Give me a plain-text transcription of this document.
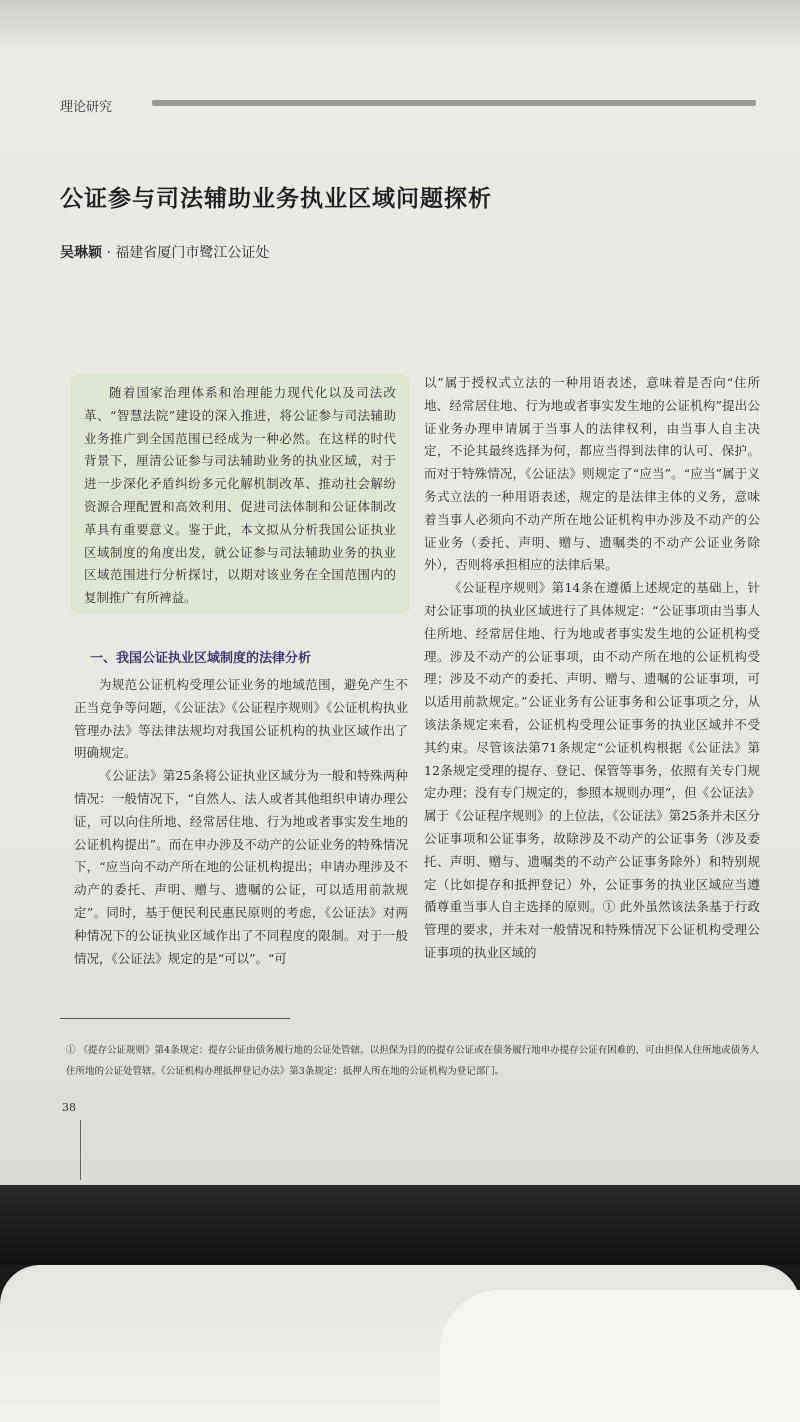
理论研究
公证参与司法辅助业务执业区域问题探析
吴琳颖 · 福建省厦门市鹭江公证处

随着国家治理体系和治理能力现代化以及司法改革、“智慧法院”建设的深入推进，将公证参与司法辅助业务推广到全国范围已经成为一种必然。在这样的时代背景下，厘清公证参与司法辅助业务的执业区域，对于进一步深化矛盾纠纷多元化解机制改革、推动社会解纷资源合理配置和高效利用、促进司法体制和公证体制改革具有重要意义。鉴于此，本文拟从分析我国公证执业区域制度的角度出发，就公证参与司法辅助业务的执业区域范围进行分析探讨，以期对该业务在全国范围内的复制推广有所裨益。

一、我国公证执业区域制度的法律分析

为规范公证机构受理公证业务的地域范围，避免产生不正当竞争等问题，《公证法》《公证程序规则》《公证机构执业管理办法》等法律法规均对我国公证机构的执业区域作出了明确规定。

《公证法》第25条将公证执业区域分为一般和特殊两种情况：一般情况下，“自然人、法人或者其他组织申请办理公证，可以向住所地、经常居住地、行为地或者事实发生地的公证机构提出”。而在申办涉及不动产的公证业务的特殊情况下，“应当向不动产所在地的公证机构提出；申请办理涉及不动产的委托、声明、赠与、遗嘱的公证，可以适用前款规定”。同时，基于便民利民惠民原则的考虑，《公证法》对两种情况下的公证执业区域作出了不同程度的限制。对于一般情况，《公证法》规定的是“可以”。“可

以”属于授权式立法的一种用语表述，意味着是否向“住所地、经常居住地、行为地或者事实发生地的公证机构”提出公证业务办理申请属于当事人的法律权利，由当事人自主决定，不论其最终选择为何，都应当得到法律的认可、保护。而对于特殊情况，《公证法》则规定了“应当”。“应当”属于义务式立法的一种用语表述，规定的是法律主体的义务，意味着当事人必须向不动产所在地公证机构申办涉及不动产的公证业务（委托、声明、赠与、遗嘱类的不动产公证业务除外），否则将承担相应的法律后果。

《公证程序规则》第14条在遵循上述规定的基础上，针对公证事项的执业区域进行了具体规定：“公证事项由当事人住所地、经常居住地、行为地或者事实发生地的公证机构受理。涉及不动产的公证事项，由不动产所在地的公证机构受理；涉及不动产的委托、声明、赠与、遗嘱的公证事项，可以适用前款规定。”公证业务有公证事务和公证事项之分，从该法条规定来看，公证机构受理公证事务的执业区域并不受其约束。尽管该法第71条规定“公证机构根据《公证法》第12条规定受理的提存、登记、保管等事务，依照有关专门规定办理；没有专门规定的，参照本规则办理”，但《公证法》属于《公证程序规则》的上位法，《公证法》第25条并未区分公证事项和公证事务，故除涉及不动产的公证事务（涉及委托、声明、赠与、遗嘱类的不动产公证事务除外）和特别规定（比如提存和抵押登记）外，公证事务的执业区域应当遵循尊重当事人自主选择的原则。① 此外虽然该法条基于行政管理的要求，并未对一般情况和特殊情况下公证机构受理公证事项的执业区域的

① 《提存公证规则》第4条规定：提存公证由债务履行地的公证处管辖。以担保为目的的提存公证或在债务履行地申办提存公证有困难的，可由担保人住所地或债务人住所地的公证处管辖。《公证机构办理抵押登记办法》第3条规定：抵押人所在地的公证机构为登记部门。
38
